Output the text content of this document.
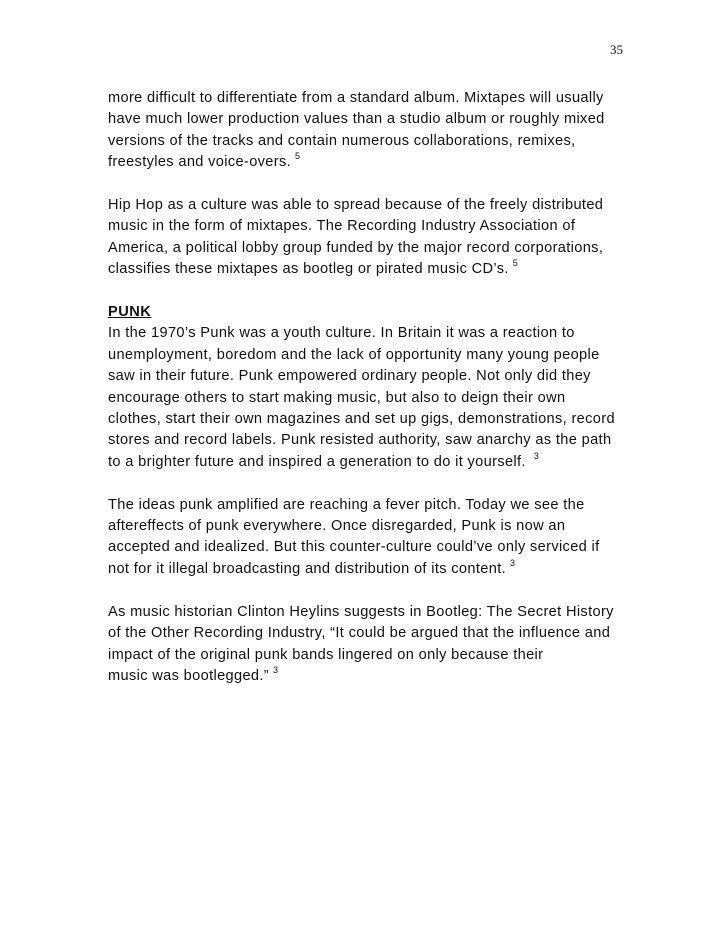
35
more difficult to differentiate from a standard album. Mixtapes will usually
have much lower production values than a studio album or roughly mixed
versions of the tracks and contain numerous collaborations, remixes,
freestyles and voice-overs. $^5$
Hip Hop as a culture was able to spread because of the freely distributed
music in the form of mixtapes. The Recording Industry Association of
America, a political lobby group funded by the major record corporations,
classifies these mixtapes as bootleg or pirated music CD’s. $^5$
PUNK
In the 1970’s Punk was a youth culture. In Britain it was a reaction to
unemployment, boredom and the lack of opportunity many young people
saw in their future. Punk empowered ordinary people. Not only did they
encourage others to start making music, but also to deign their own
clothes, start their own magazines and set up gigs, demonstrations, record
stores and record labels. Punk resisted authority, saw anarchy as the path
to a brighter future and inspired a generation to do it yourself. $^3$
The ideas punk amplified are reaching a fever pitch. Today we see the
aftereffects of punk everywhere. Once disregarded, Punk is now an
accepted and idealized. But this counter-culture could’ve only serviced if
not for it illegal broadcasting and distribution of its content. $^3$
As music historian Clinton Heylins suggests in Bootleg: The Secret History
of the Other Recording Industry, “It could be argued that the influence and
impact of the original punk bands lingered on only because their
music was bootlegged.” $^3$
